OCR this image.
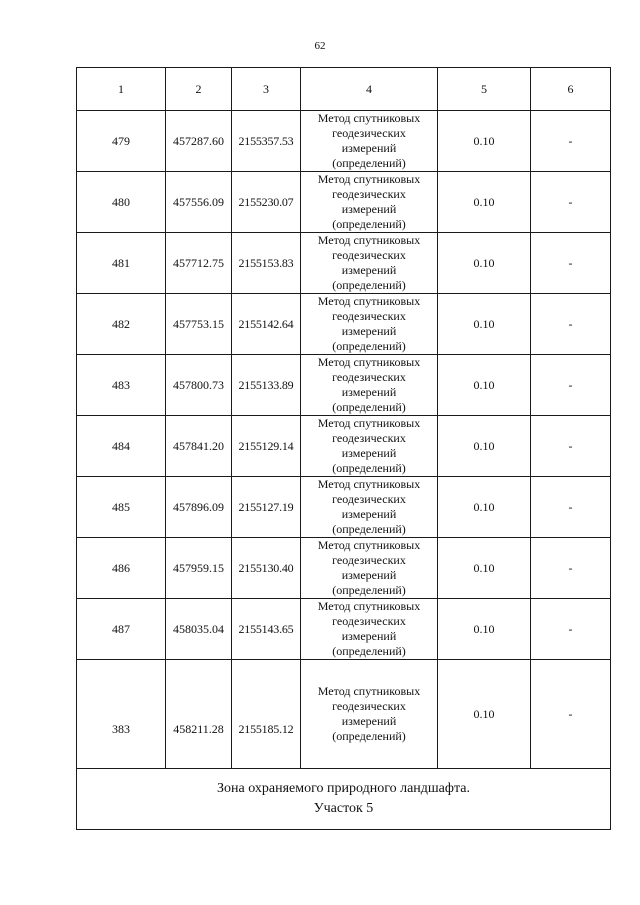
62
1	2	3	4	5	6
479	457287.60	2155357.53	Метод спутниковых
геодезических
измерений
(определений)	0.10	-
480	457556.09	2155230.07	Метод спутниковых
геодезических
измерений
(определений)	0.10	-
481	457712.75	2155153.83	Метод спутниковых
геодезических
измерений
(определений)	0.10	-
482	457753.15	2155142.64	Метод спутниковых
геодезических
измерений
(определений)	0.10	-
483	457800.73	2155133.89	Метод спутниковых
геодезических
измерений
(определений)	0.10	-
484	457841.20	2155129.14	Метод спутниковых
геодезических
измерений
(определений)	0.10	-
485	457896.09	2155127.19	Метод спутниковых
геодезических
измерений
(определений)	0.10	-
486	457959.15	2155130.40	Метод спутниковых
геодезических
измерений
(определений)	0.10	-
487	458035.04	2155143.65	Метод спутниковых
геодезических
измерений
(определений)	0.10	-
383	458211.28	2155185.12	Метод спутниковых
геодезических
измерений
(определений)	0.10	-

Зона охраняемого природного ландшафта.
Участок 5					
